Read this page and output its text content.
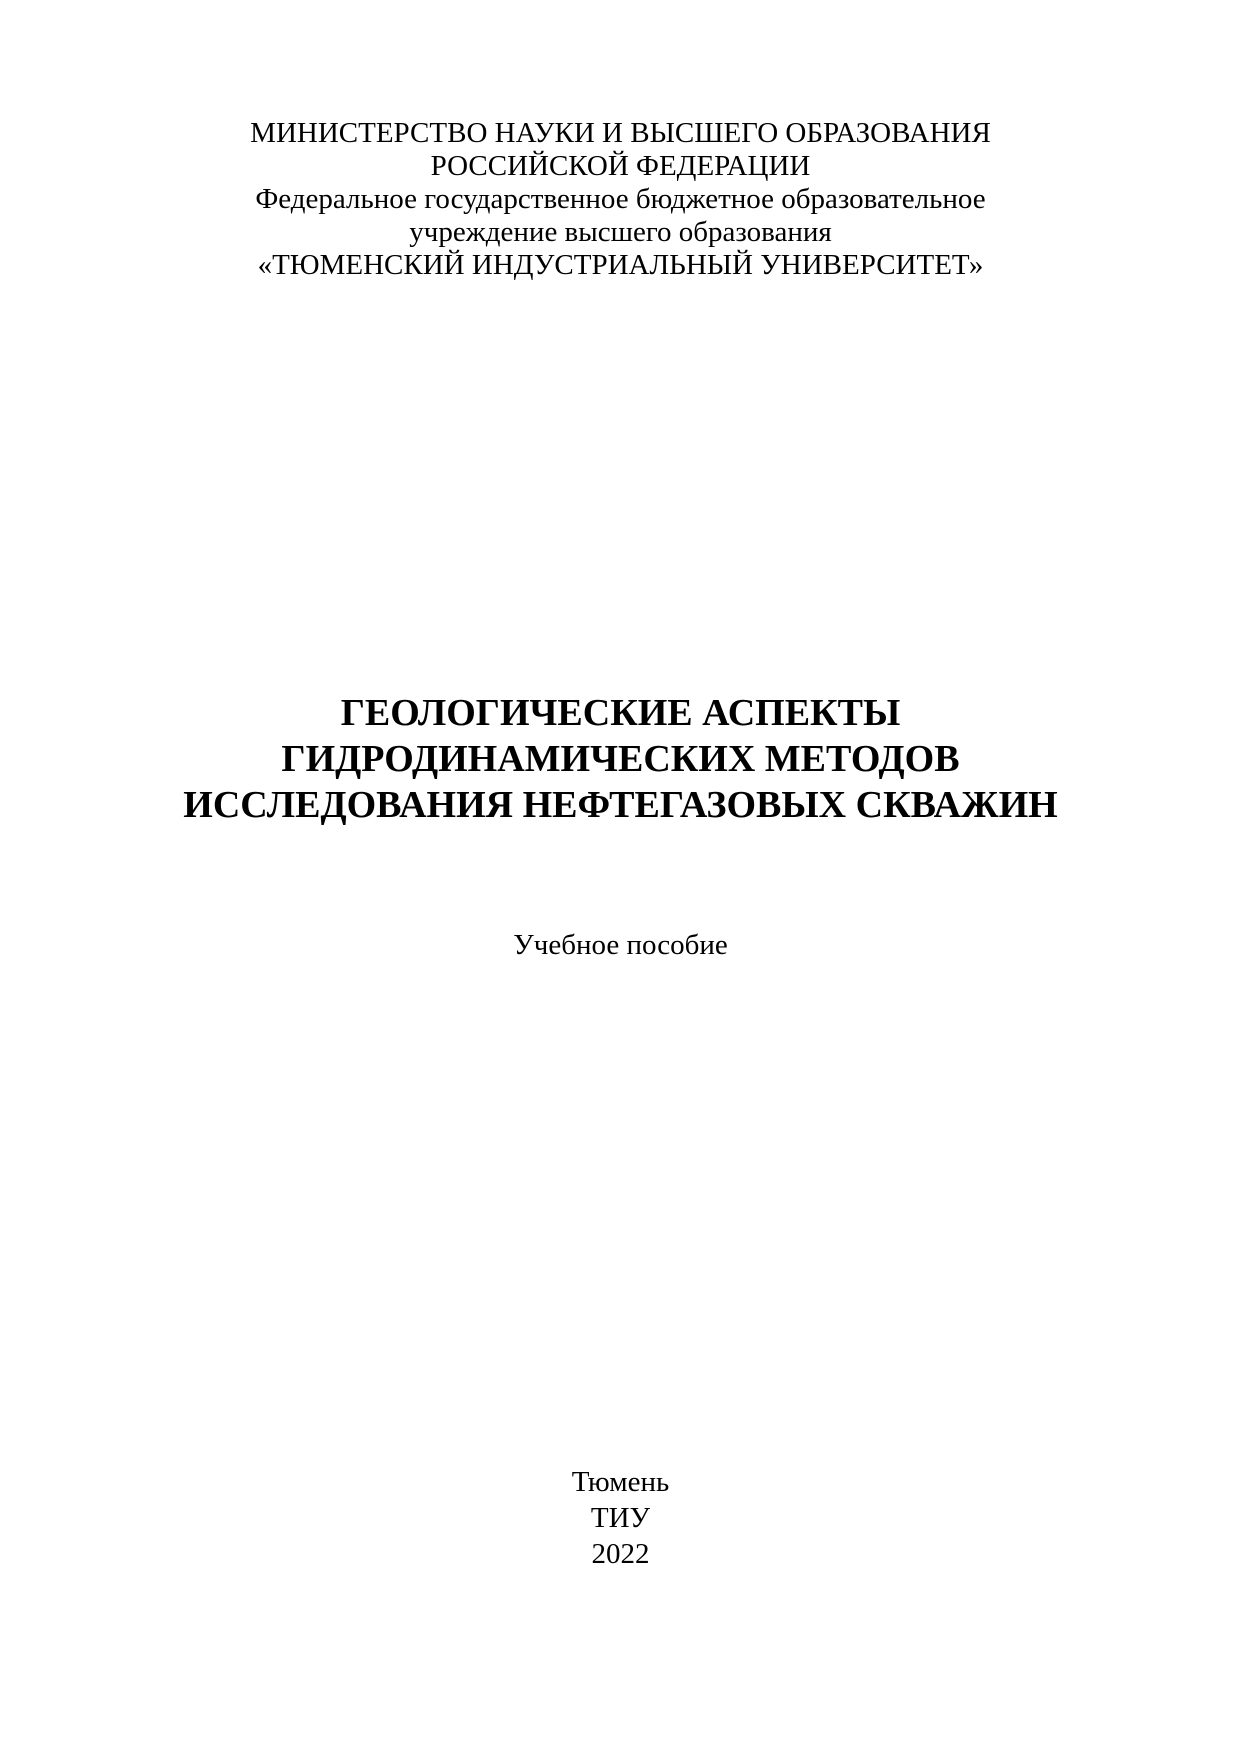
МИНИСТЕРСТВО НАУКИ И ВЫСШЕГО ОБРАЗОВАНИЯ
РОССИЙСКОЙ ФЕДЕРАЦИИ
Федеральное государственное бюджетное образовательное
учреждение высшего образования
«ТЮМЕНСКИЙ ИНДУСТРИАЛЬНЫЙ УНИВЕРСИТЕТ»
ГЕОЛОГИЧЕСКИЕ АСПЕКТЫ
ГИДРОДИНАМИЧЕСКИХ МЕТОДОВ
ИССЛЕДОВАНИЯ НЕФТЕГАЗОВЫХ СКВАЖИН
Учебное пособие
Тюмень
ТИУ
2022
